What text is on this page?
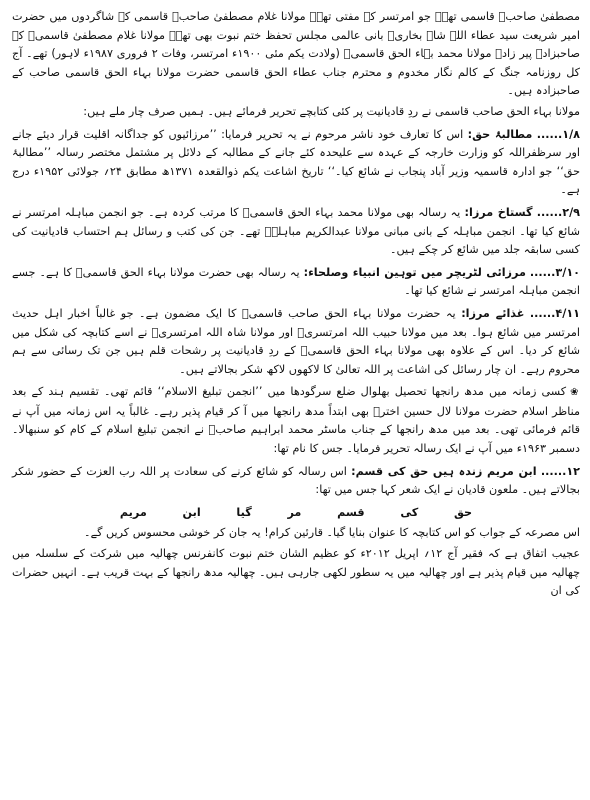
مصطفیٰ صاحبؒ قاسمی تھے۔ جو امرتسر کے مفتی تھے۔ مولانا غلام مصطفیٰ صاحبؒ قاسمی کے شاگردوں میں حضرت امیر شریعت سید عطاء اللہ شاہ بخاریؒ بانی عالمی مجلس تحفظ ختم نبوت بھی تھے۔ مولانا غلام مصطفیٰ قاسمیؒ کے صاحبزادے پیر زادہ مولانا محمد بہاء الحق قاسمیؒ (ولادت یکم مئی ۱۹۰۰ء امرتسر، وفات ۲ فروری ۱۹۸۷ء لاہور) تھے۔ آج کل روزنامہ جنگ کے کالم نگار مخدوم و محترم جناب عطاء الحق قاسمی حضرت مولانا بہاء الحق قاسمی صاحب کے صاحبزادہ ہیں۔

مولانا بہاء الحق صاحب قاسمی نے ردِ قادیانیت پر کئی کتابچے تحریر فرمائے ہیں۔ ہمیں صرف چار ملے ہیں:

۱/۸...... مطالبۂ حق: اس کا تعارف خود ناشر مرحوم نے یہ تحریر فرمایا: ’’مرزائیوں کو جداگانہ اقلیت قرار دیئے جانے اور سرظفراللہ کو وزارت خارجہ کے عہدہ سے علیحدہ کئے جانے کے مطالبہ کے دلائل پر مشتمل مختصر رسالہ ’’مطالبۂ حق‘‘ جو ادارہ قاسمیہ وزیر آباد پنجاب نے شائع کیا۔‘‘ تاریخ اشاعت یکم ذوالقعدہ ۱۳۷۱ھ مطابق ۲۴؍ جولائی ۱۹۵۲ء درج ہے۔

۲/۹...... گستاخ مرزا: یہ رسالہ بھی مولانا محمد بہاء الحق قاسمیؒ کا مرتب کردہ ہے۔ جو انجمن مباہلہ امرتسر نے شائع کیا تھا۔ انجمن مباہلہ کے بانی مبانی مولانا عبدالکریم مباہلہؒ تھے۔ جن کی کتب و رسائل ہم احتساب قادیانیت کی کسی سابقہ جلد میں شائع کر چکے ہیں۔

۳/۱۰...... مرزائی لٹریچر میں توہین انبیاء وصلحاء: یہ رسالہ بھی حضرت مولانا بہاء الحق قاسمیؒ کا ہے۔ جسے انجمن مباہلہ امرتسر نے شائع کیا تھا۔

۴/۱۱...... غذائے مرزا: یہ حضرت مولانا بہاء الحق صاحب قاسمیؒ کا ایک مضمون ہے۔ جو غالباً اخبار اہل حدیث امرتسر میں شائع ہوا۔ بعد میں مولانا حبیب اللہ امرتسریؒ اور مولانا شاہ اللہ امرتسریؒ نے اسے کتابچہ کی شکل میں شائع کر دیا۔ اس کے علاوہ بھی مولانا بہاء الحق قاسمیؒ کے ردِ قادیانیت پر رشحات قلم ہیں جن تک رسائی سے ہم محروم رہے۔ ان چار رسائل کی اشاعت پر اللہ تعالیٰ کا لاکھوں لاکھ شکر بجالاتے ہیں۔

❀کسی زمانہ میں مدھ رانجھا تحصیل بھلوال ضلع سرگودھا میں ’’انجمن تبلیغ الاسلام‘‘ قائم تھی۔ تقسیم ہند کے بعد مناظر اسلام حضرت مولانا لال حسین اخترؒ بھی ابتداً مدھ رانجھا میں آ کر قیام پذیر رہے۔ غالباً یہ اس زمانہ میں آپ نے قائم فرمائی تھی۔ بعد میں مدھ رانجھا کے جناب ماسٹر محمد ابراہیم صاحبؒ نے انجمن تبلیغ اسلام کے کام کو سنبھالا۔ دسمبر ۱۹۶۳ء میں آپ نے ایک رسالہ تحریر فرمایا۔ جس کا نام تھا:

۱۲...... ابن مریم زندہ ہیں حق کی قسم: اس رسالہ کو شائع کرنے کی سعادت پر اللہ رب العزت کے حضور شکر بجالاتے ہیں۔ ملعون قادیان نے ایک شعر کہا جس میں تھا:

حق
کی
قسم
مر
گیا
ابن
مریم

اس مصرعہ کے جواب کو اس کتابچہ کا عنوان بنایا گیا۔ قارئین کرام! یہ جان کر خوشی محسوس کریں گے۔

عجیب اتفاق ہے کہ فقیر آج ۱۲؍ اپریل ۲۰۱۲ء کو عظیم الشان ختم نبوت کانفرنس چھالیہ میں شرکت کے سلسلہ میں چھالیہ میں قیام پذیر ہے اور چھالیہ میں یہ سطور لکھی جارہی ہیں۔ چھالیہ مدھ رانجھا کے بہت قریب ہے۔ انہیں حضرات کی ان
